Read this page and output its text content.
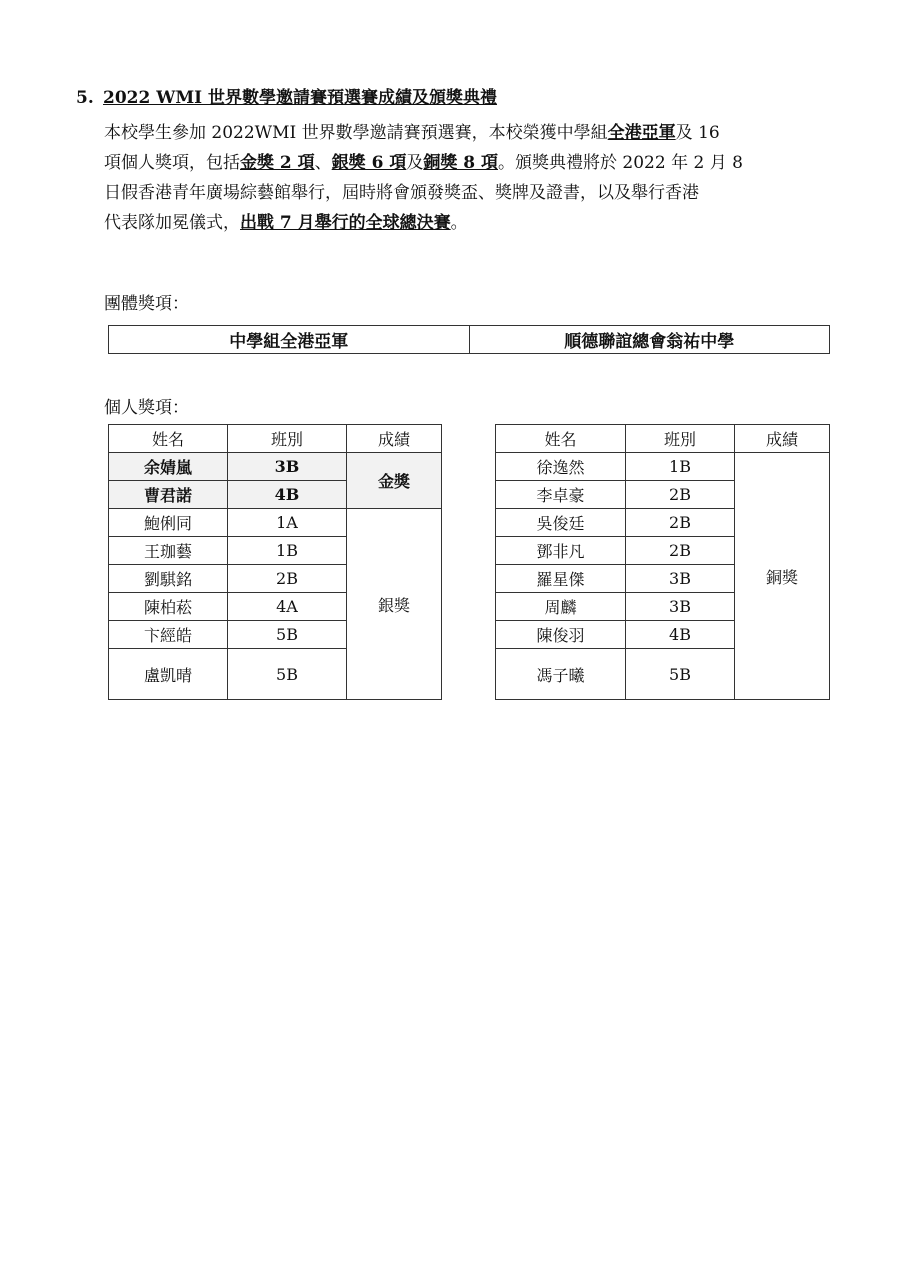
5. 2022 WMI 世界數學邀請賽預選賽成績及頒獎典禮
本校學生參加 2022WMI 世界數學邀請賽預選賽，本校榮獲中學組全港亞軍及 16
項個人獎項，包括金獎 2 項、銀獎 6 項及銅獎 8 項。頒獎典禮將於 2022 年 2 月 8
日假香港青年廣場綜藝館舉行，屆時將會頒發獎盃、獎牌及證書，以及舉行香港
代表隊加冕儀式，出戰 7 月舉行的全球總決賽。
團體獎項：
中學組全港亞軍	順德聯誼總會翁祐中學
個人獎項：
姓名	班別	成績
余婧嵐	3B	金獎
曹君諾	4B	
鮑俐同	1A	銀獎
王珈藝	1B	
劉騏銘	2B	
陳柏菘	4A	
卞經皓	5B	
盧凱晴	5B	
姓名	班別	成績
徐逸然	1B	銅獎
李卓豪	2B	
吳俊廷	2B	
鄧非凡	2B	
羅星傑	3B	
周麟	3B	
陳俊羽	4B	
馮子曦	5B	
